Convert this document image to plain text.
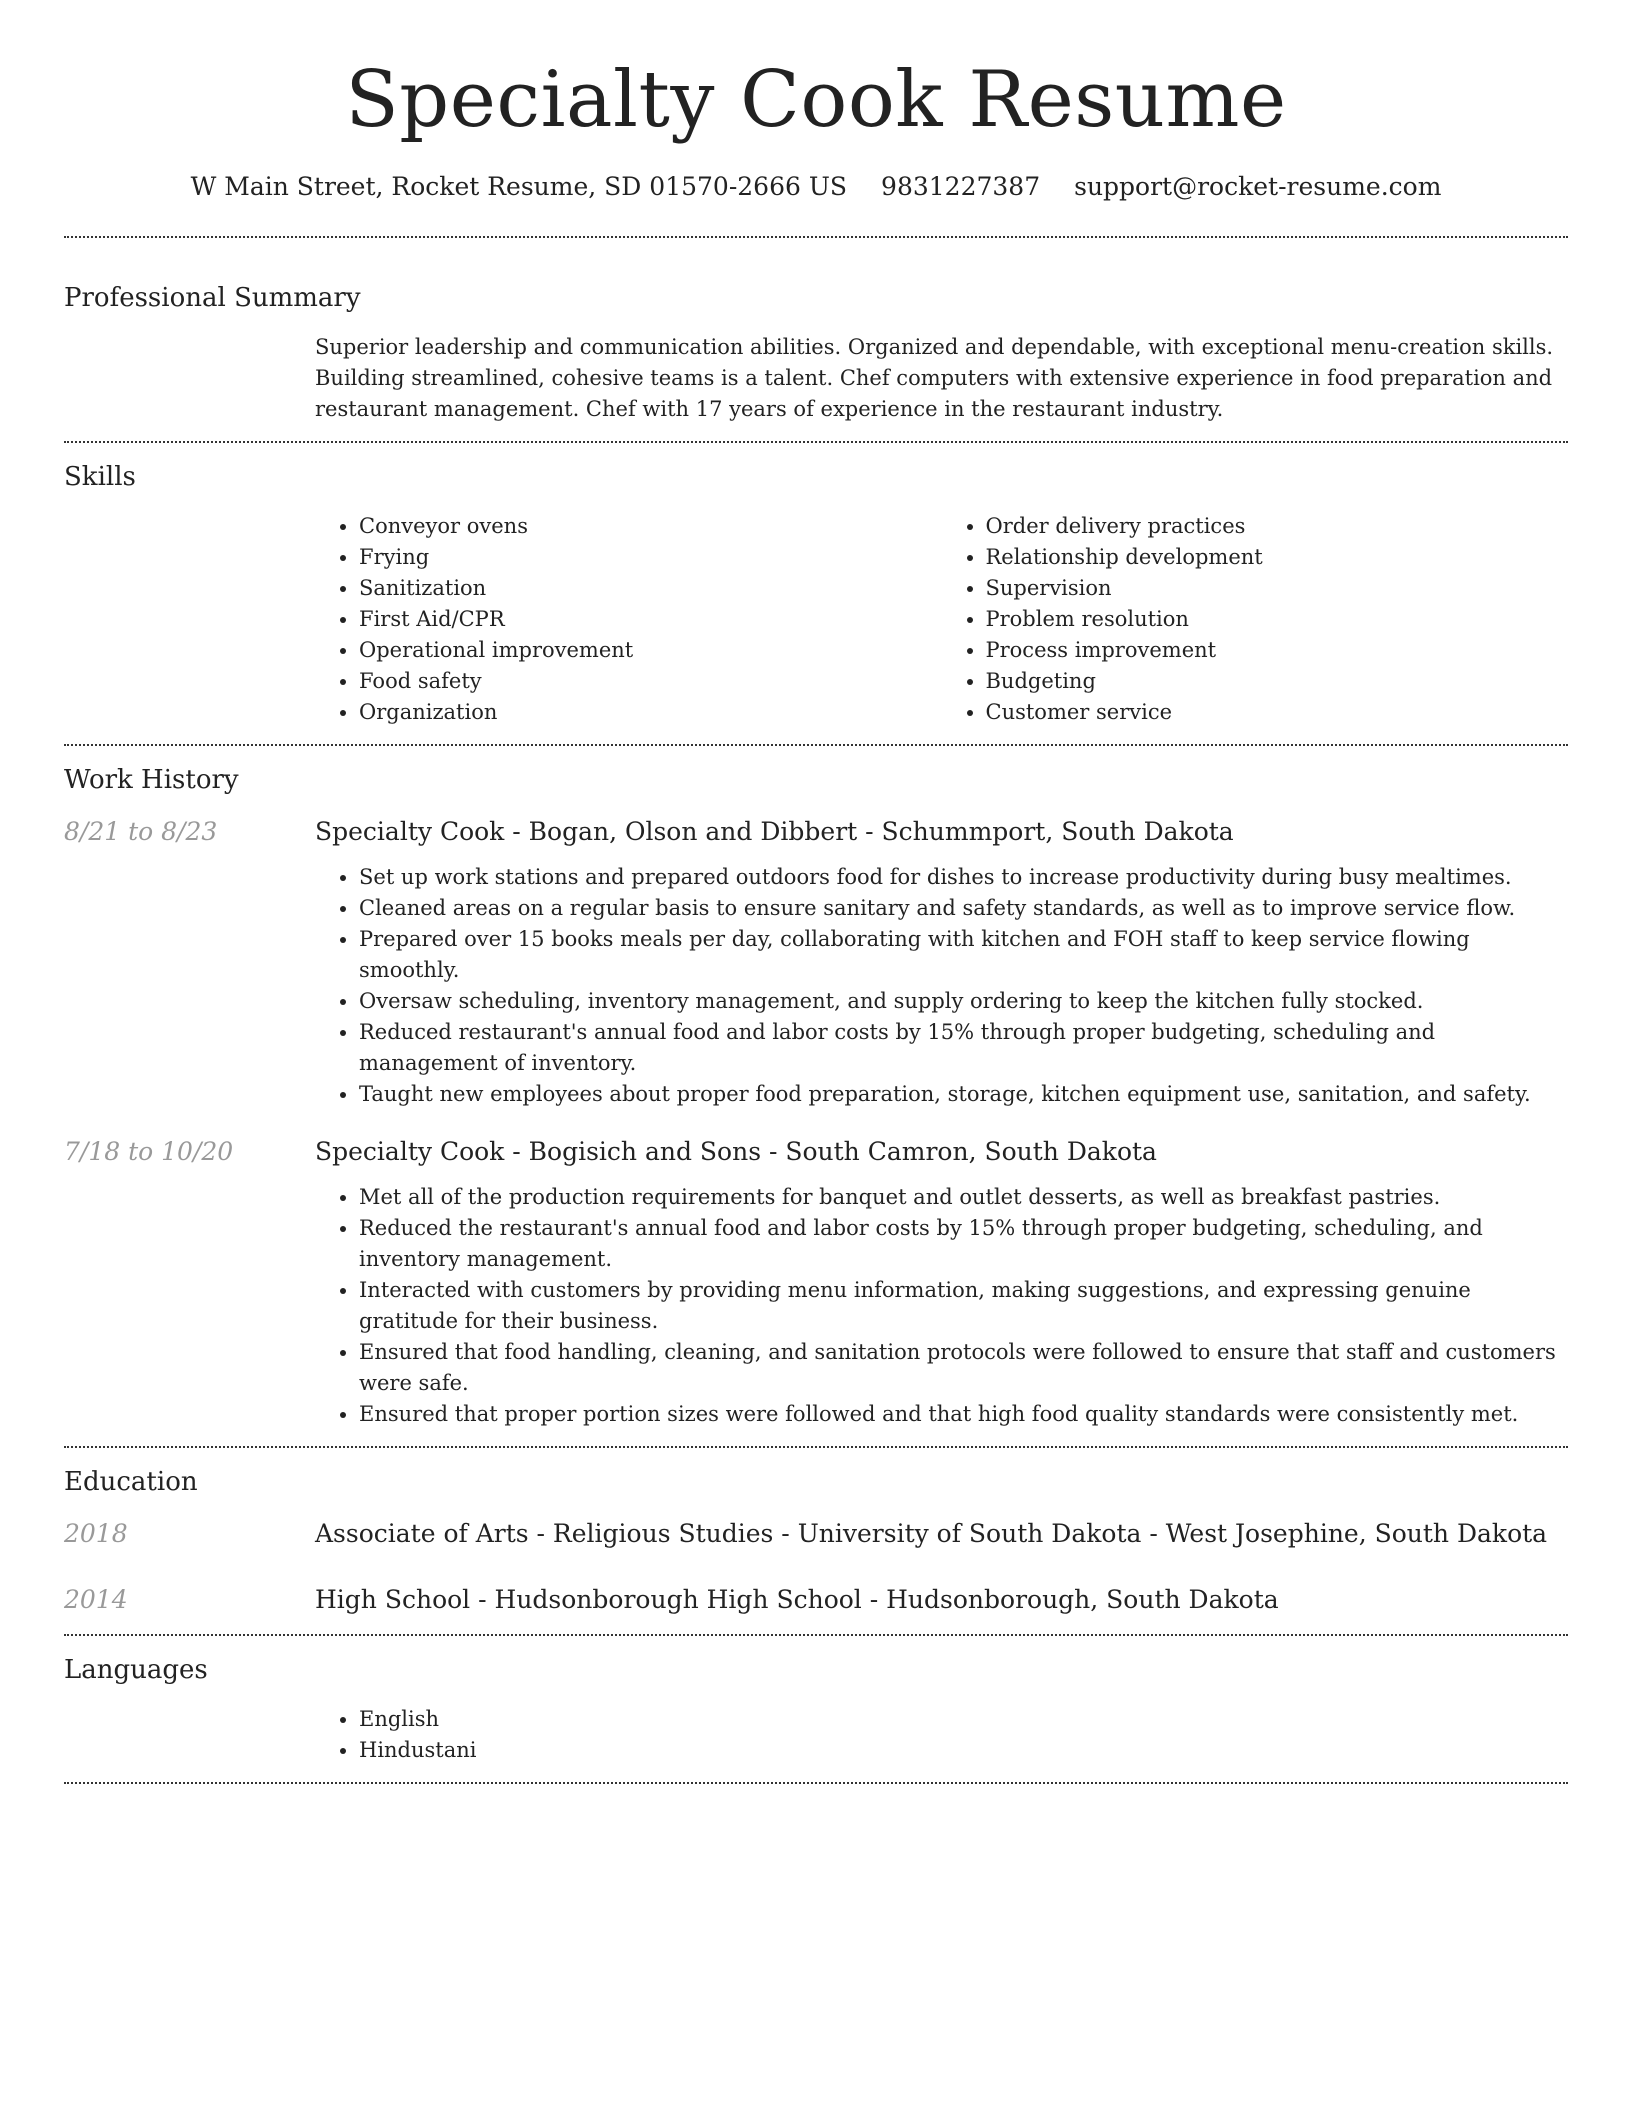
Specialty Cook Resume
W Main Street, Rocket Resume, SD 01570-2666 US 9831227387 support@rocket-resume.com
Professional Summary

Superior leadership and communication abilities. Organized and dependable, with exceptional menu-creation skills. Building streamlined, cohesive teams is a talent. Chef computers with extensive experience in food preparation and restaurant management. Chef with 17 years of experience in the restaurant industry.

Skills
• Conveyor ovens
• Frying
• Sanitization
• First Aid/CPR
• Operational improvement
• Food safety
• Organization
• Order delivery practices
• Relationship development
• Supervision
• Problem resolution
• Process improvement
• Budgeting
• Customer service
Work History
8/21 to 8/23	Specialty Cook - Bogan, Olson and Dibbert - Schummport, South Dakota
• Set up work stations and prepared outdoors food for dishes to increase productivity during busy mealtimes.
• Cleaned areas on a regular basis to ensure sanitary and safety standards, as well as to improve service flow.
• Prepared over 15 books meals per day, collaborating with kitchen and FOH staff to keep service flowing smoothly.
• Oversaw scheduling, inventory management, and supply ordering to keep the kitchen fully stocked.
• Reduced restaurant's annual food and labor costs by 15% through proper budgeting, scheduling and management of inventory.
• Taught new employees about proper food preparation, storage, kitchen equipment use, sanitation, and safety.
7/18 to 10/20	Specialty Cook - Bogisich and Sons - South Camron, South Dakota
• Met all of the production requirements for banquet and outlet desserts, as well as breakfast pastries.
• Reduced the restaurant's annual food and labor costs by 15% through proper budgeting, scheduling, and inventory management.
• Interacted with customers by providing menu information, making suggestions, and expressing genuine gratitude for their business.
• Ensured that food handling, cleaning, and sanitation protocols were followed to ensure that staff and customers were safe.
• Ensured that proper portion sizes were followed and that high food quality standards were consistently met.
Education
2018	Associate of Arts - Religious Studies - University of South Dakota - West Josephine, South Dakota
2014	High School - Hudsonborough High School - Hudsonborough, South Dakota
Languages
• English
• Hindustani
